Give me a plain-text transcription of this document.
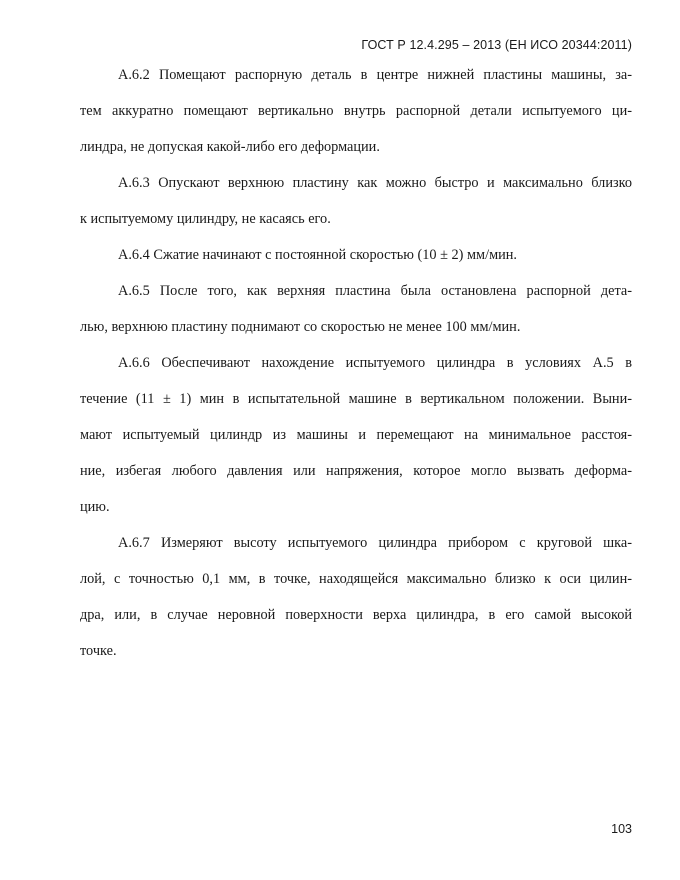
ГОСТ Р 12.4.295 – 2013 (ЕН ИСО 20344:2011)
А.6.2 Помещают распорную деталь в центре нижней пластины машины, за-
тем аккуратно помещают вертикально внутрь распорной детали испытуемого ци-
линдра, не допуская какой-либо его деформации.
А.6.3 Опускают верхнюю пластину как можно быстро и максимально близко
к испытуемому цилиндру, не касаясь его.
А.6.4 Сжатие начинают с постоянной скоростью (10 ± 2) мм/мин.
А.6.5 После того, как верхняя пластина была остановлена распорной дета-
лью, верхнюю пластину поднимают со скоростью не менее 100 мм/мин.
А.6.6 Обеспечивают нахождение испытуемого цилиндра в условиях А.5 в
течение (11 ± 1) мин в испытательной машине в вертикальном положении. Выни-
мают испытуемый цилиндр из машины и перемещают на минимальное расстоя-
ние, избегая любого давления или напряжения, которое могло вызвать деформа-
цию.
А.6.7 Измеряют высоту испытуемого цилиндра прибором с круговой шка-
лой, с точностью 0,1 мм, в точке, находящейся максимально близко к оси цилин-
дра, или, в случае неровной поверхности верха цилиндра, в его самой высокой
точке.
103
